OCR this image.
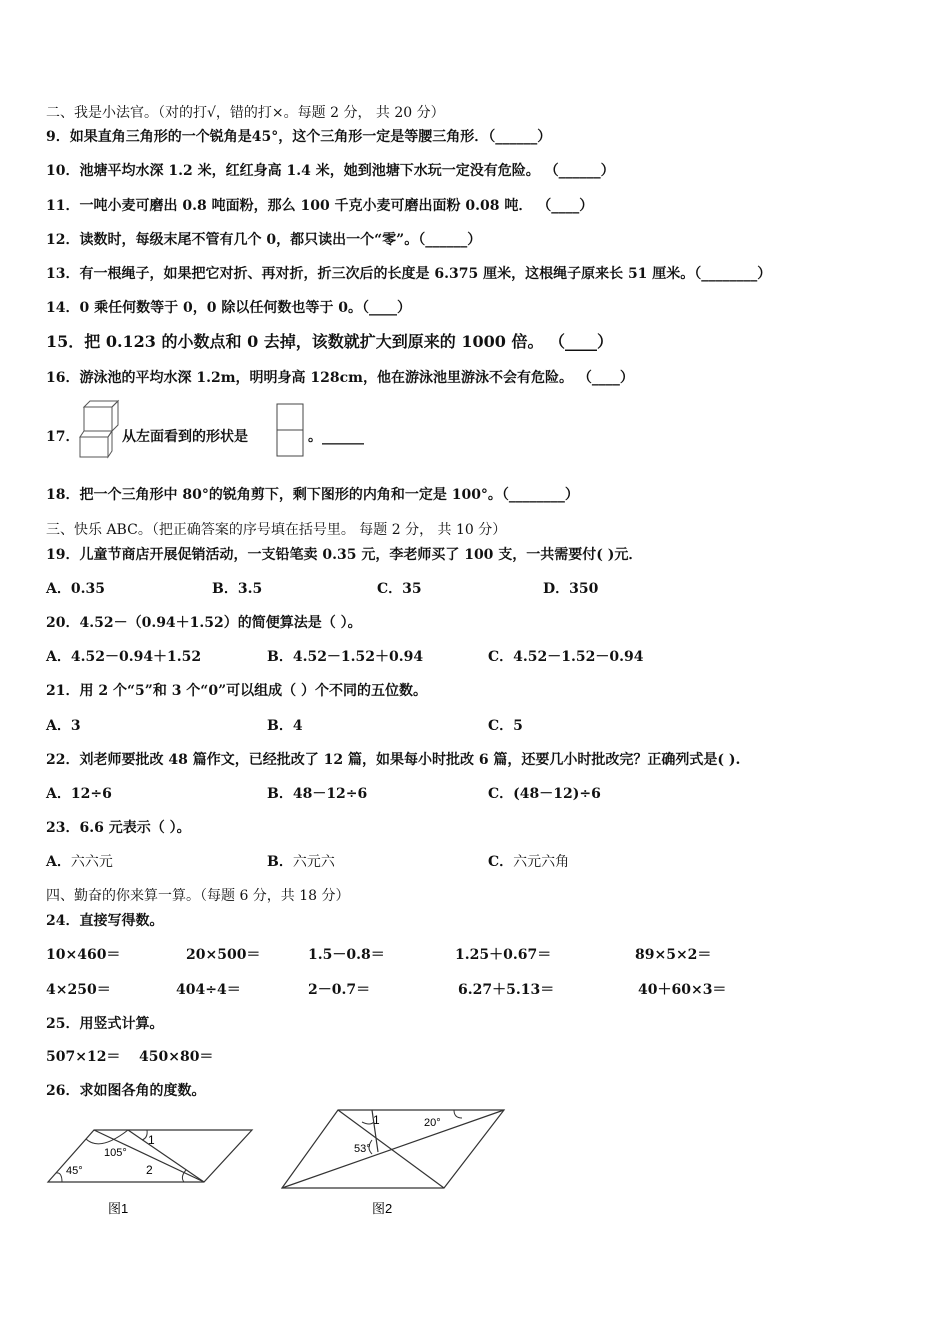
二、我是小法官。（对的打√，错的打×。每题 2 分， 共 20 分）
9．如果直角三角形的一个锐角是45°，这个三角形一定是等腰三角形．（______）
10．池塘平均水深 1.2 米，红红身高 1.4 米，她到池塘下水玩一定没有危险。 （______）
11．一吨小麦可磨出 0.8 吨面粉，那么 100 千克小麦可磨出面粉 0.08 吨． （____）
12．读数时，每级末尾不管有几个 0，都只读出一个“零”。（______）
13．有一根绳子，如果把它对折、再对折，折三次后的长度是 6.375 厘米，这根绳子原来长 51 厘米。（________）
14．0 乘任何数等于 0，0 除以任何数也等于 0。（____）
15．把 0.123 的小数点和 0 去掉，该数就扩大到原来的 1000 倍。 （____）
16．游泳池的平均水深 1.2m，明明身高 128cm，他在游泳池里游泳不会有危险。 （____）
17．	从左面看到的形状是	。______
18．把一个三角形中 80°的锐角剪下，剩下图形的内角和一定是 100°。（________）
三、快乐 ABC。（把正确答案的序号填在括号里。 每题 2 分， 共 10 分）
19．儿童节商店开展促销活动，一支铅笔卖 0.35 元，李老师买了 100 支，一共需要付( )元．
A．0.35	B．3.5	C．35	D．350
20．4.52－（0.94＋1.52）的简便算法是（ ）。
A．4.52－0.94＋1.52	B．4.52－1.52＋0.94	C．4.52－1.52－0.94
21．用 2 个“5”和 3 个“0”可以组成（ ）个不同的五位数。
A．3	B．4	C．5
22．刘老师要批改 48 篇作文，已经批改了 12 篇，如果每小时批改 6 篇，还要几小时批改完？正确列式是( ).
A．12÷6	B．48－12÷6	C．(48－12)÷6
23．6.6 元表示（ ）。
A．六六元	B．六元六	C．六元六角
四、勤奋的你来算一算。（每题 6 分，共 18 分）
24．直接写得数。
10×460＝	20×500＝	1.5－0.8＝	1.25＋0.67＝	89×5×2＝
4×250＝	404÷4＝	2－0.7＝	6.27＋5.13＝	40＋60×3＝
25．用竖式计算。
507×12＝ 450×80＝
26．求如图各角的度数。
105°
45°
1
2
图1
1	20°
53°
图2
